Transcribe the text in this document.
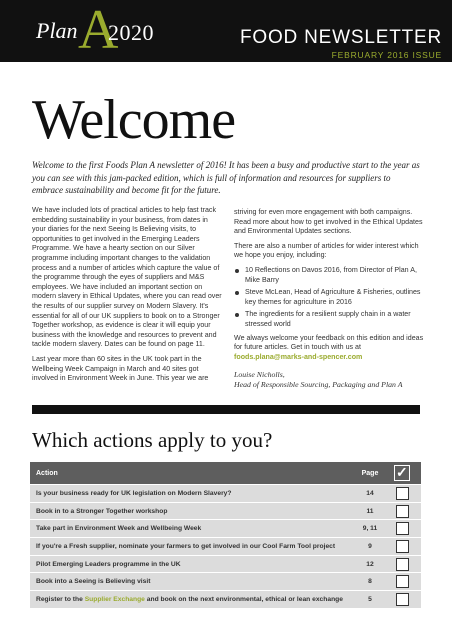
Plan A
2020	FOOD NEWSLETTER
FEBRUARY 2016 ISSUE
Welcome
Welcome to the first Foods Plan A newsletter of 2016! It has been a busy and productive start to the year as you can see with this jam-packed edition, which is full of information and resources for suppliers to embrace sustainability and become fit for the future.

We have included lots of practical articles to help fast track embedding sustainability in your business, from dates in your diaries for the next Seeing Is Believing visits, to opportunities to get involved in the Emerging Leaders Programme. We have a hearty section on our Silver programme including important changes to the validation process and a number of articles which capture the value of the programme through the eyes of suppliers and M&S employees. We have included an important section on modern slavery in Ethical Updates, where you can read over the results of our supplier survey on Modern Slavery. It's essential for all of our UK suppliers to book on to a Stronger Together workshop, as evidence is clear it will equip your business with the knowledge and resources to prevent and tackle modern slavery. Dates can be found on page 11.

Last year more than 60 sites in the UK took part in the Wellbeing Week Campaign in March and 40 sites got involved in Environment Week in June. This year we are

striving for even more engagement with both campaigns. Read more about how to get involved in the Ethical Updates and Environmental Updates sections.

There are also a number of articles for wider interest which we hope you enjoy, including:

10 Reflections on Davos 2016, from Director of Plan A, Mike Barry
Steve McLean, Head of Agriculture & Fisheries, outlines key themes for agriculture in 2016
The ingredients for a resilient supply chain in a water stressed world

We always welcome your feedback on this edition and ideas for future articles. Get in touch with us at
foods.plana@marks-and-spencer.com

Louise Nicholls,
Head of Responsible Sourcing, Packaging and Plan A
Which actions apply to you?
Action	Page ✓
Is your business ready for UK legislation on Modern Slavery?	14
Book in to a Stronger Together workshop	11
Take part in Environment Week and Wellbeing Week	9, 11
If you're a Fresh supplier, nominate your farmers to get involved in our Cool Farm Tool project	9
Pilot Emerging Leaders programme in the UK	12
Book into a Seeing is Believing visit	8
Register to the Supplier Exchange and book on the next environmental, ethical or lean exchange	5
